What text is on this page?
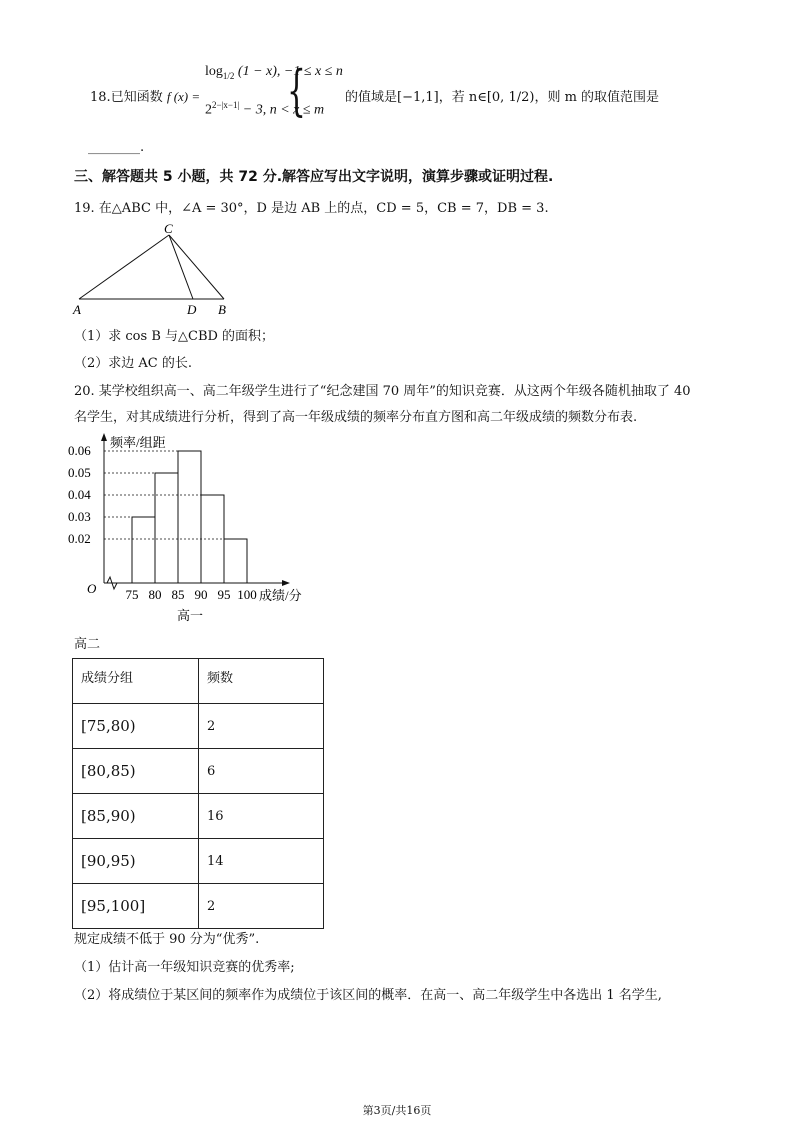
18.已知函数 f (x) = {
$\log_{1/2} (1 - x)$, −1 ≤ x ≤ n
$2^{2-|x-1|} - 3$, n < x ≤ m
的值域是[−1,1]，若 n∈[0, 1/2)，则 m 的取值范围是
________.
三、解答题共 5 小题，共 72 分.解答应写出文字说明，演算步骤或证明过程.
19. 在△ABC 中，∠A = 30°，D 是边 AB 上的点，CD = 5，CB = 7，DB = 3.
C
A	D B
（1）求 cos B 与△CBD 的面积；
（2）求边 AC 的长.
20. 某学校组织高一、高二年级学生进行了“纪念建国 70 周年”的知识竞赛．从这两个年级各随机抽取了 40
名学生，对其成绩进行分析，得到了高一年级成绩的频率分布直方图和高二年级成绩的频数分布表.
频率/组距
成绩/分
O
高一
0.02
0.03
0.04
0.05
0.06
75 80 85 90 95 100
高二
成绩分组	频数
[75,80)	2
[80,85)	6
[85,90)	16
[90,95)	14
[95,100]	2
规定成绩不低于 90 分为“优秀”.
（1）估计高一年级知识竞赛的优秀率;
（2）将成绩位于某区间的频率作为成绩位于该区间的概率．在高一、高二年级学生中各选出 1 名学生,
第3页/共16页
